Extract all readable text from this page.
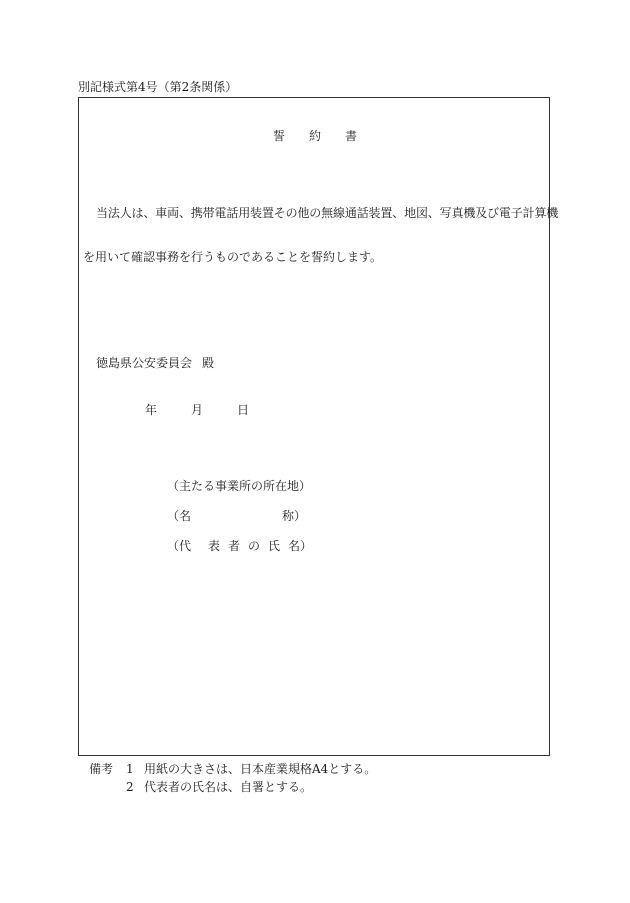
別記様式第4号（第2条関係）
誓 約 書
当法人は、車両、携帯電話用装置その他の無線通話装置、地図、写真機及び電子計算機
を用いて確認事務を行うものであることを誓約します。
徳島県公安委員会 殿
年	月	日
（主たる事業所の所在地）
（名	称）
（代 表 者 の 氏 名）
備考 1 用紙の大きさは、日本産業規格A4とする。
2 代表者の氏名は、自署とする。
